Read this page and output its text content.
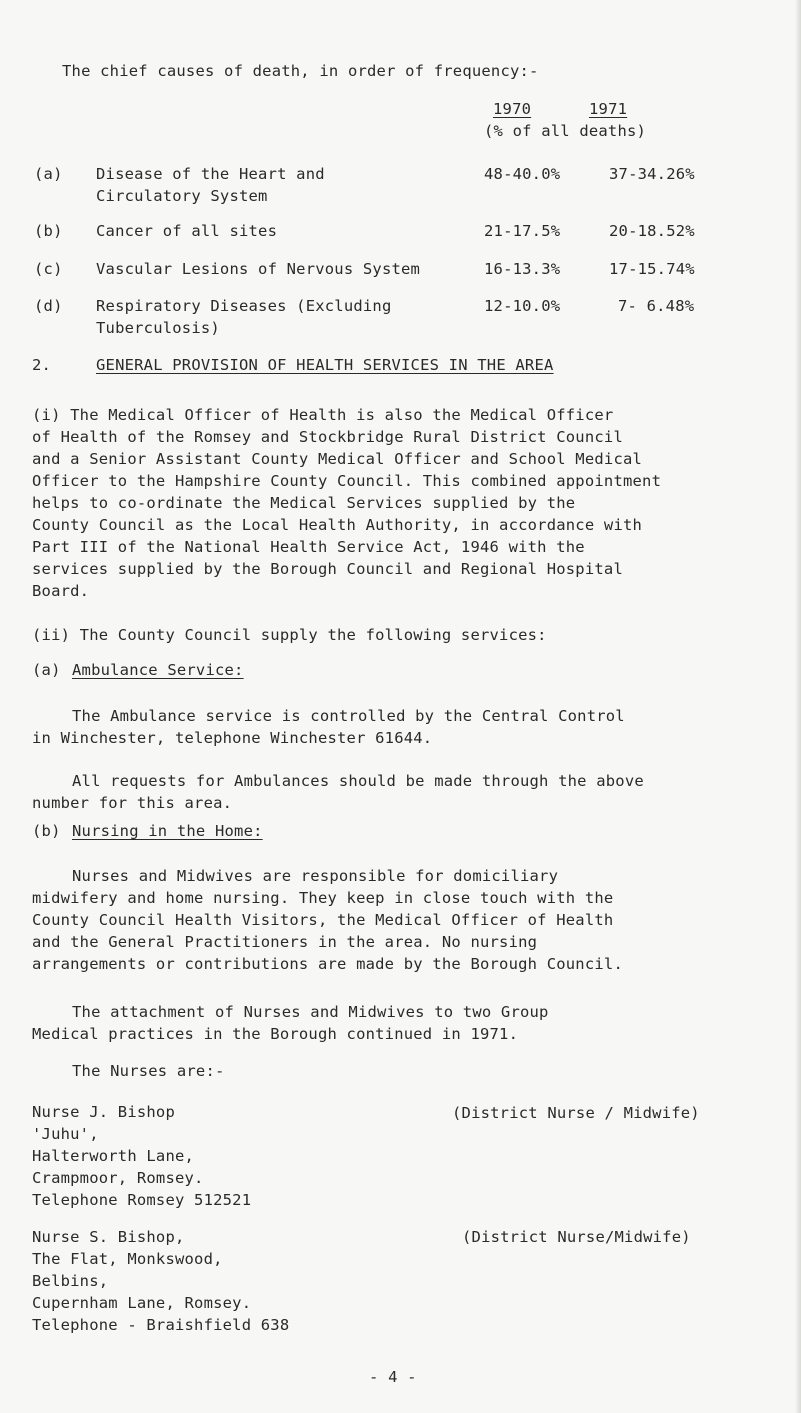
The chief causes of death, in order of frequency:-
1970	1971
(% of all deaths)
(a) Disease of the Heart and
Circulatory System
48-40.0%	37-34.26%
(b) Cancer of all sites	21-17.5%	20-18.52%
(c) Vascular Lesions of Nervous System	16-13.3%	17-15.74%
(d) Respiratory Diseases (Excluding
Tuberculosis)
12-10.0%	7- 6.48%
2.	GENERAL PROVISION OF HEALTH SERVICES IN THE AREA
(i) The Medical Officer of Health is also the Medical Officer
of Health of the Romsey and Stockbridge Rural District Council
and a Senior Assistant County Medical Officer and School Medical
Officer to the Hampshire County Council. This combined appointment
helps to co-ordinate the Medical Services supplied by the
County Council as the Local Health Authority, in accordance with
Part III of the National Health Service Act, 1946 with the
services supplied by the Borough Council and Regional Hospital
Board.
(ii) The County Council supply the following services:
(a) Ambulance Service:
The Ambulance service is controlled by the Central Control
in Winchester, telephone Winchester 61644.
All requests for Ambulances should be made through the above
number for this area.
(b) Nursing in the Home:
Nurses and Midwives are responsible for domiciliary
midwifery and home nursing. They keep in close touch with the
County Council Health Visitors, the Medical Officer of Health
and the General Practitioners in the area. No nursing
arrangements or contributions are made by the Borough Council.
The attachment of Nurses and Midwives to two Group
Medical practices in the Borough continued in 1971.
The Nurses are:-
Nurse J. Bishop
'Juhu',
Halterworth Lane,
Crampmoor, Romsey.
Telephone Romsey 512521
(District Nurse / Midwife)
Nurse S. Bishop,
The Flat, Monkswood,
Belbins,
Cupernham Lane, Romsey.
Telephone - Braishfield 638
(District Nurse/Midwife)
- 4 -
